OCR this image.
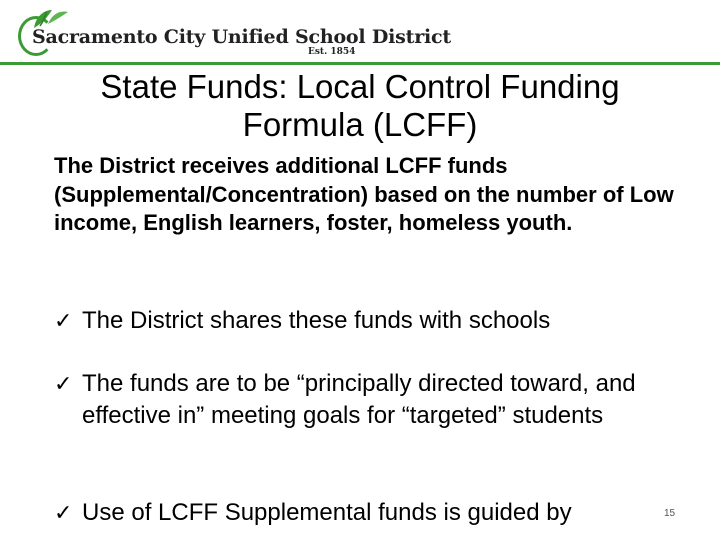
Sacramento City Unified School District
Est. 1854
State Funds: Local Control Funding
Formula (LCFF)

The District receives additional LCFF funds (Supplemental/Concentration) based on the number of Low income, English learners, foster, homeless youth.

✓ The District shares these funds with schools

✓ The funds are to be “principally directed toward, and effective in” meeting goals for “targeted” students

✓ Use of LCFF Supplemental funds is guided by	15
